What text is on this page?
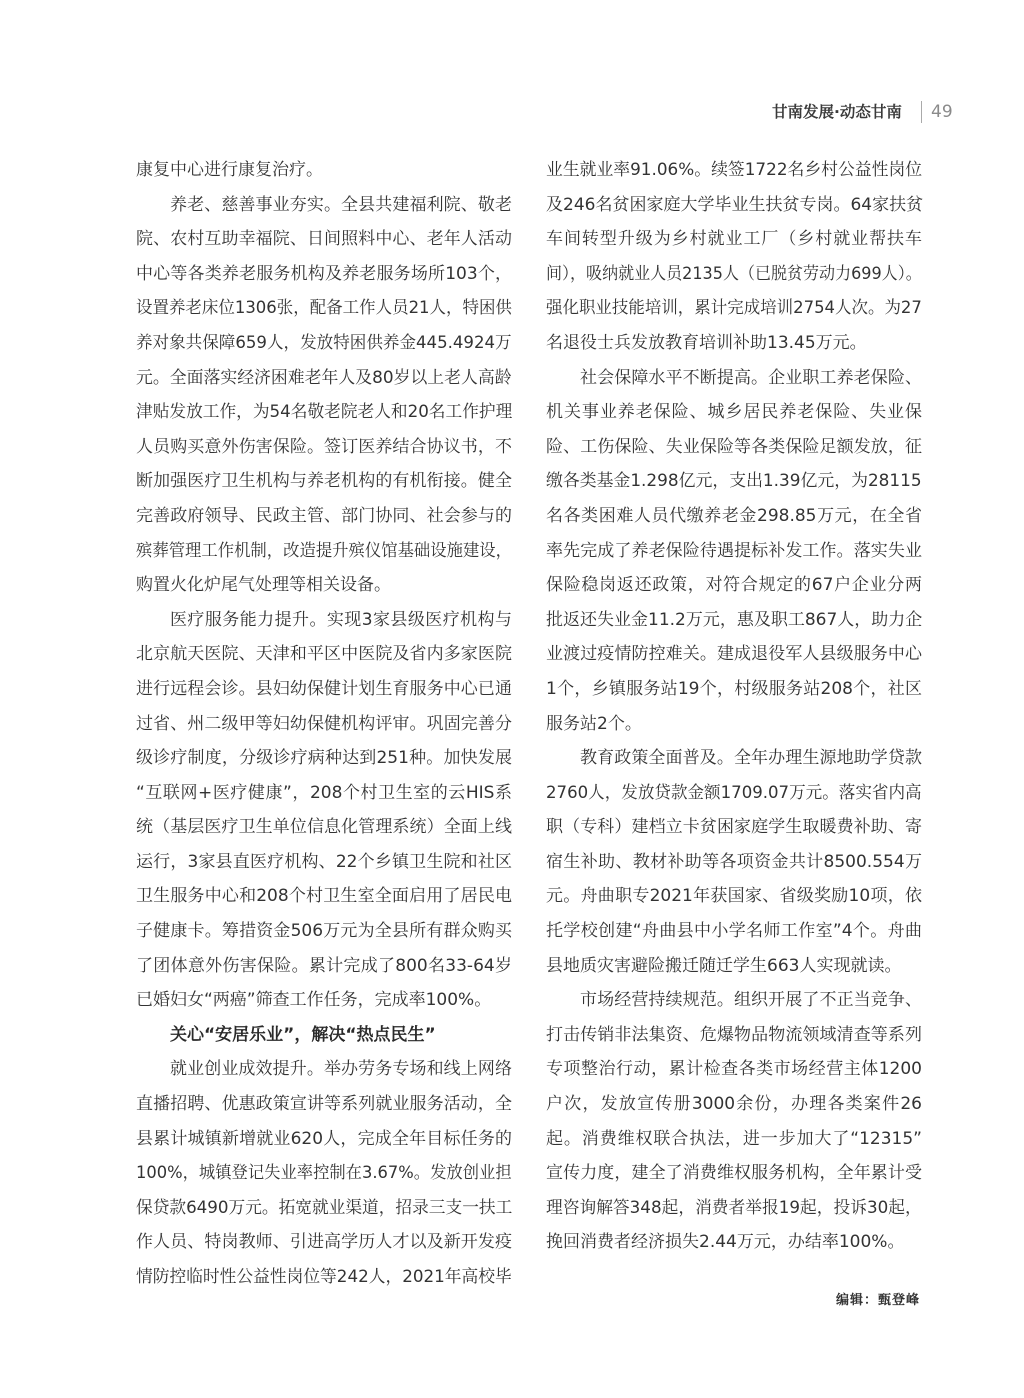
甘南发展·动态甘南 49
康复中心进行康复治疗。
养老、慈善事业夯实。全县共建福利院、敬老
院、农村互助幸福院、日间照料中心、老年人活动
中心等各类养老服务机构及养老服务场所103个，
设置养老床位1306张，配备工作人员21人，特困供
养对象共保障659人，发放特困供养金445.4924万
元。全面落实经济困难老年人及80岁以上老人高龄
津贴发放工作，为54名敬老院老人和20名工作护理
人员购买意外伤害保险。签订医养结合协议书，不
断加强医疗卫生机构与养老机构的有机衔接。健全
完善政府领导、民政主管、部门协同、社会参与的
殡葬管理工作机制，改造提升殡仪馆基础设施建设，
购置火化炉尾气处理等相关设备。
医疗服务能力提升。实现3家县级医疗机构与
北京航天医院、天津和平区中医院及省内多家医院
进行远程会诊。县妇幼保健计划生育服务中心已通
过省、州二级甲等妇幼保健机构评审。巩固完善分
级诊疗制度，分级诊疗病种达到251种。加快发展
“互联网+医疗健康”，208个村卫生室的云HIS系
统（基层医疗卫生单位信息化管理系统）全面上线
运行，3家县直医疗机构、22个乡镇卫生院和社区
卫生服务中心和208个村卫生室全面启用了居民电
子健康卡。筹措资金506万元为全县所有群众购买
了团体意外伤害保险。累计完成了800名33-64岁
已婚妇女“两癌”筛查工作任务，完成率100%。
关心“安居乐业”，解决“热点民生”
就业创业成效提升。举办劳务专场和线上网络
直播招聘、优惠政策宣讲等系列就业服务活动，全
县累计城镇新增就业620人，完成全年目标任务的
100%，城镇登记失业率控制在3.67%。发放创业担
保贷款6490万元。拓宽就业渠道，招录三支一扶工
作人员、特岗教师、引进高学历人才以及新开发疫
情防控临时性公益性岗位等242人，2021年高校毕
业生就业率91.06%。续签1722名乡村公益性岗位
及246名贫困家庭大学毕业生扶贫专岗。64家扶贫
车间转型升级为乡村就业工厂（乡村就业帮扶车
间），吸纳就业人员2135人（已脱贫劳动力699人）。
强化职业技能培训，累计完成培训2754人次。为27
名退役士兵发放教育培训补助13.45万元。
社会保障水平不断提高。企业职工养老保险、
机关事业养老保险、城乡居民养老保险、失业保
险、工伤保险、失业保险等各类保险足额发放，征
缴各类基金1.298亿元，支出1.39亿元，为28115
名各类困难人员代缴养老金298.85万元，在全省
率先完成了养老保险待遇提标补发工作。落实失业
保险稳岗返还政策，对符合规定的67户企业分两
批返还失业金11.2万元，惠及职工867人，助力企
业渡过疫情防控难关。建成退役军人县级服务中心
1个，乡镇服务站19个，村级服务站208个，社区
服务站2个。
教育政策全面普及。全年办理生源地助学贷款
2760人，发放贷款金额1709.07万元。落实省内高
职（专科）建档立卡贫困家庭学生取暖费补助、寄
宿生补助、教材补助等各项资金共计8500.554万
元。舟曲职专2021年获国家、省级奖励10项，依
托学校创建“舟曲县中小学名师工作室”4个。舟曲
县地质灾害避险搬迁随迁学生663人实现就读。
市场经营持续规范。组织开展了不正当竞争、
打击传销非法集资、危爆物品物流领域清查等系列
专项整治行动，累计检查各类市场经营主体1200
户次，发放宣传册3000余份，办理各类案件26
起。消费维权联合执法，进一步加大了“12315”
宣传力度，建全了消费维权服务机构，全年累计受
理咨询解答348起，消费者举报19起，投诉30起，
挽回消费者经济损失2.44万元，办结率100%。
编辑：甄登峰
